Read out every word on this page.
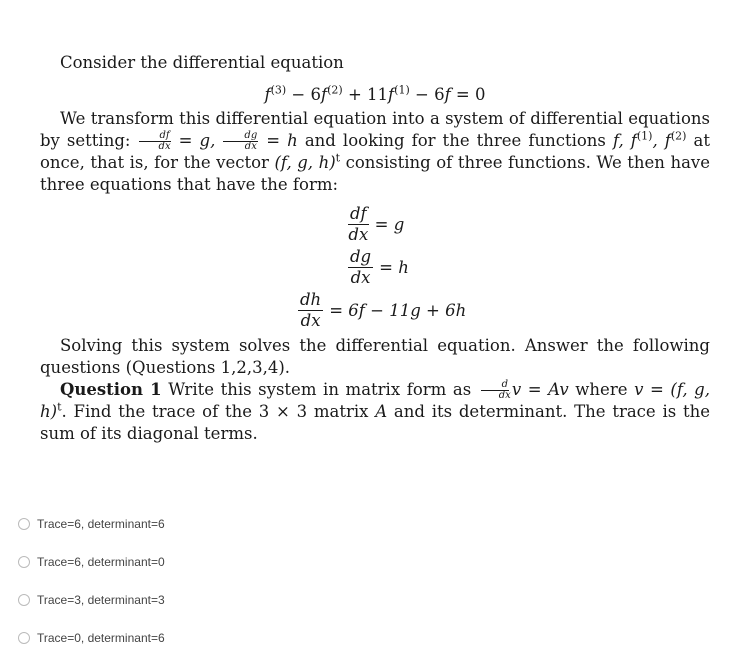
Consider the differential equation

$f^{(3)} - 6f^{(2)} + 11f^{(1)} - 6f = 0$

We transform this differential equation into a system of differential equations by setting: $\frac{df}{dx} = g$, $\frac{dg}{dx} = h$ and looking for the three functions f, $f^{(1)}$, $f^{(2)}$ at once, that is, for the vector (f, g, h)$^t$ consisting of three functions. We then have three equations that have the form:

$\frac{df}{dx} = g$
$\frac{dg}{dx} = h$
$\frac{dh}{dx} = 6f - 11g + 6h$

Solving this system solves the differential equation. Answer the following questions (Questions 1,2,3,4).

Question 1 Write this system in matrix form as $\frac{d}{dx}$ v = Av where v = (f, g, h)$^t$. Find the trace of the 3 × 3 matrix A and its determinant. The trace is the sum of its diagonal terms.

Trace=6, determinant=6
Trace=6, determinant=0
Trace=3, determinant=3
Trace=0, determinant=6
